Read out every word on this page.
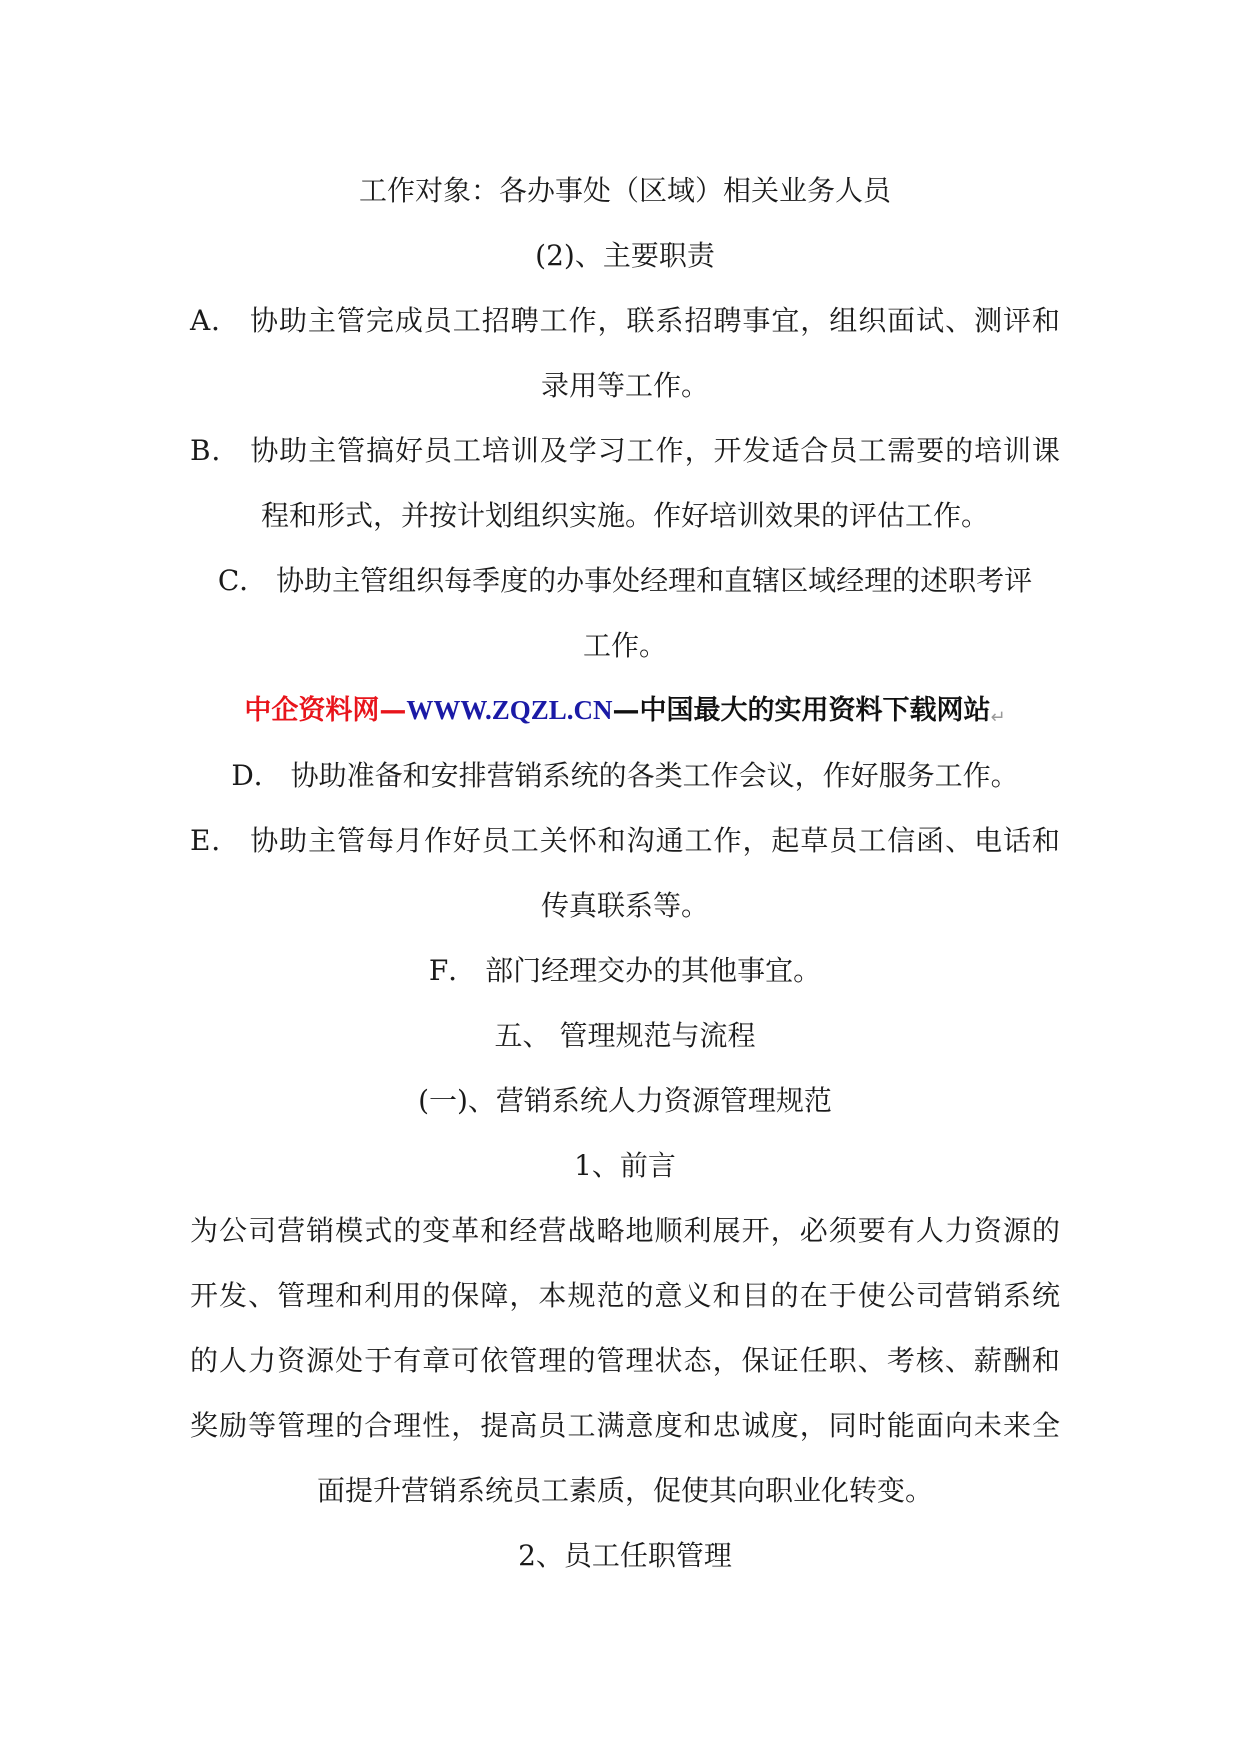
工作对象：各办事处（区域）相关业务人员
(2)、主要职责
A． 协助主管完成员工招聘工作，联系招聘事宜，组织面试、测评和
录用等工作。
B． 协助主管搞好员工培训及学习工作，开发适合员工需要的培训课
程和形式，并按计划组织实施。作好培训效果的评估工作。
C． 协助主管组织每季度的办事处经理和直辖区域经理的述职考评
工作。
中企资料网—WWW.ZQZL.CN—中国最大的实用资料下载网站↵
D． 协助准备和安排营销系统的各类工作会议，作好服务工作。
E． 协助主管每月作好员工关怀和沟通工作，起草员工信函、电话和
传真联系等。
F． 部门经理交办的其他事宜。
五、 管理规范与流程
(一)、营销系统人力资源管理规范
1、前言
为公司营销模式的变革和经营战略地顺利展开，必须要有人力资源的
开发、管理和利用的保障，本规范的意义和目的在于使公司营销系统
的人力资源处于有章可依管理的管理状态，保证任职、考核、薪酬和
奖励等管理的合理性，提高员工满意度和忠诚度，同时能面向未来全
面提升营销系统员工素质，促使其向职业化转变。
2、员工任职管理
